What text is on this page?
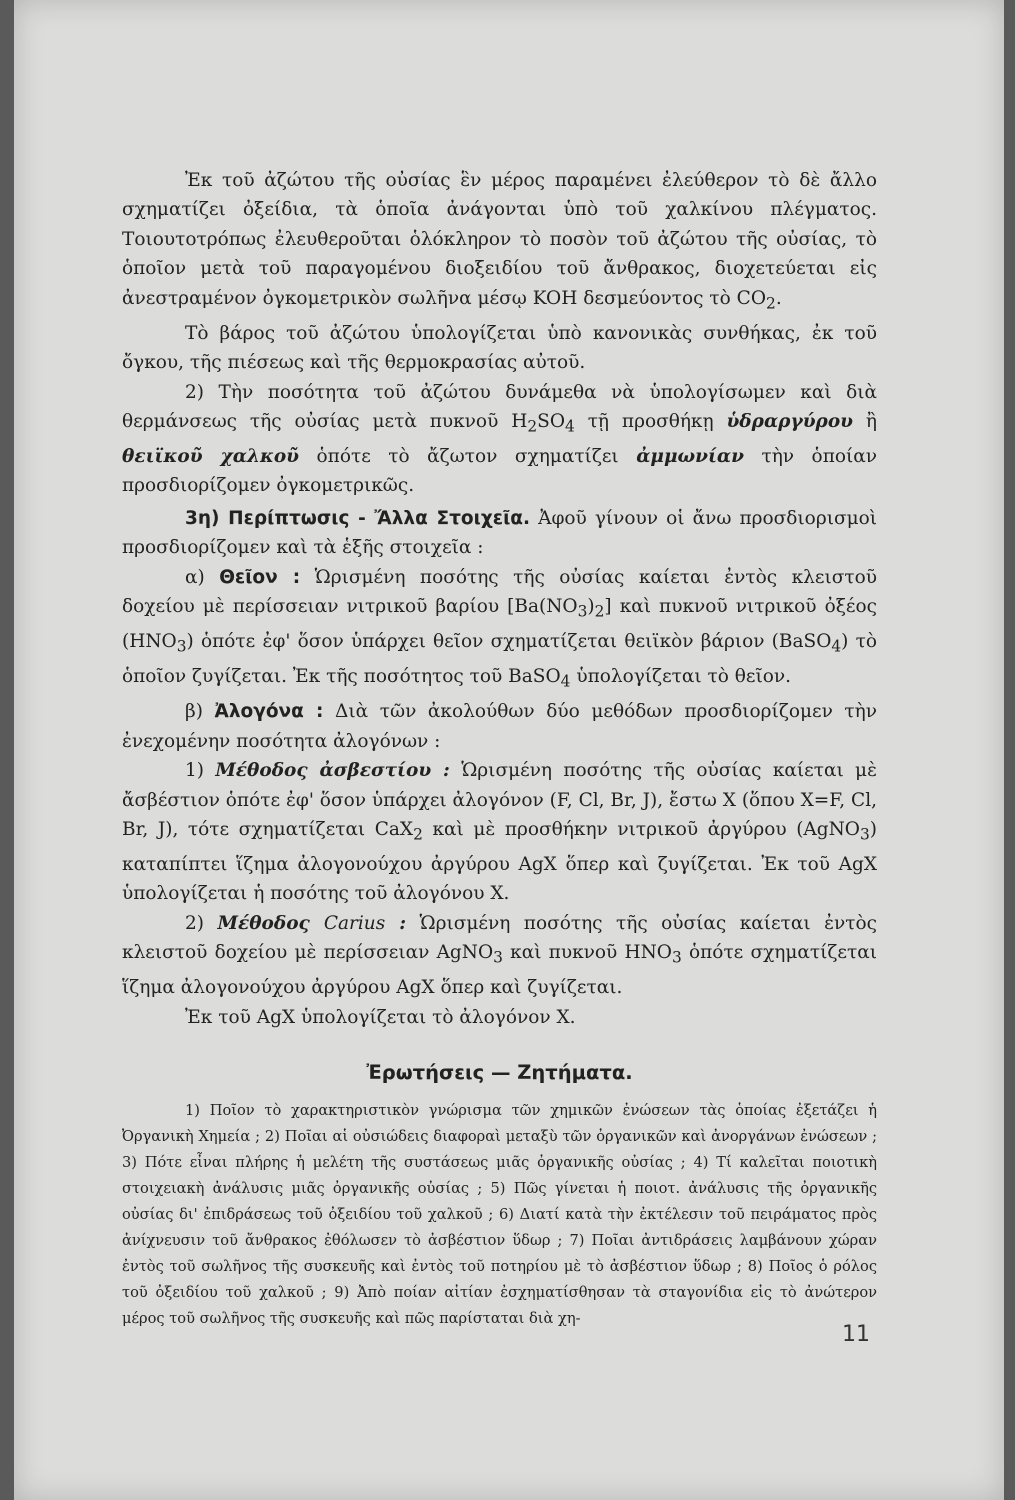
Ἐκ τοῦ ἀζώτου τῆς οὐσίας ἓν μέρος παραμένει ἐλεύθερον τὸ δὲ ἄλλο σχηματίζει ὀξείδια, τὰ ὁποῖα ἀνάγονται ὑπὸ τοῦ χαλκίνου πλέγματος. Τοιουτοτρόπως ἐλευθεροῦται ὁλόκληρον τὸ ποσὸν τοῦ ἀζώτου τῆς οὐσίας, τὸ ὁποῖον μετὰ τοῦ παραγομένου διοξειδίου τοῦ ἄνθρακος, διοχετεύεται εἰς ἀνεστραμένον ὀγκομετρικὸν σωλῆνα μέσῳ KOH δεσμεύοντος τὸ $CO_2$.

Τὸ βάρος τοῦ ἀζώτου ὑπολογίζεται ὑπὸ κανονικὰς συνθήκας, ἐκ τοῦ ὄγκου, τῆς πιέσεως καὶ τῆς θερμοκρασίας αὐτοῦ.

2) Τὴν ποσότητα τοῦ ἀζώτου δυνάμεθα νὰ ὑπολογίσωμεν καὶ διὰ θερμάνσεως τῆς οὐσίας μετὰ πυκνοῦ $H_2SO_4$ τῇ προσθήκῃ ὑδραργύρου ἢ θειϊκοῦ χαλκοῦ ὁπότε τὸ ἄζωτον σχηματίζει ἀμμωνίαν τὴν ὁποίαν προσδιορίζομεν ὀγκομετρικῶς.

3η) Περίπτωσις - Ἄλλα Στοιχεῖα. Ἀφοῦ γίνουν οἱ ἄνω προσδιορισμοὶ προσδιορίζομεν καὶ τὰ ἑξῆς στοιχεῖα :

α) Θεῖον : Ὡρισμένη ποσότης τῆς οὐσίας καίεται ἐντὸς κλειστοῦ δοχείου μὲ περίσσειαν νιτρικοῦ βαρίου $[Ba(NO_3)_2]$ καὶ πυκνοῦ νιτρικοῦ ὀξέος $(HNO_3)$ ὁπότε ἐφ' ὅσον ὑπάρχει θεῖον σχηματίζεται θειϊκὸν βάριον (BaSO$_4$) τὸ ὁποῖον ζυγίζεται. Ἐκ τῆς ποσότητος τοῦ BaSO$_4$ ὑπολογίζεται τὸ θεῖον.

β) Ἀλογόνα : Διὰ τῶν ἀκολούθων δύο μεθόδων προσδιορίζομεν τὴν ἐνεχομένην ποσότητα ἀλογόνων :

1) Μέθοδος ἀσβεστίου : Ὡρισμένη ποσότης τῆς οὐσίας καίεται μὲ ἄσβέστιον ὁπότε ἐφ' ὅσον ὑπάρχει ἀλογόνον (F, Cl, Br, J), ἔστω X (ὅπου X=F, Cl, Br, J), τότε σχηματίζεται CaX$_2$ καὶ μὲ προσθήκην νιτρικοῦ ἀργύρου (AgNO$_3$) καταπίπτει ἵζημα ἀλογονούχου ἀργύρου AgX ὅπερ καὶ ζυγίζεται. Ἐκ τοῦ AgX ὑπολογίζεται ἡ ποσότης τοῦ ἀλογόνου X.

2) Μέθοδος Carius : Ὡρισμένη ποσότης τῆς οὐσίας καίεται ἐντὸς κλειστοῦ δοχείου μὲ περίσσειαν AgNO$_3$ καὶ πυκνοῦ $HNO_3$ ὁπότε σχηματίζεται ἵζημα ἀλογονούχου ἀργύρου AgX ὅπερ καὶ ζυγίζεται.

Ἐκ τοῦ AgX ὑπολογίζεται τὸ ἀλογόνον X.

Ἐρωτήσεις — Ζητήματα.

1) Ποῖον τὸ χαρακτηριστικὸν γνώρισμα τῶν χημικῶν ἐνώσεων τὰς ὁποίας ἐξετάζει ἡ Ὀργανικὴ Χημεία ; 2) Ποῖαι αἱ οὐσιώδεις διαφοραὶ μεταξὺ τῶν ὀργανικῶν καὶ ἀνοργάνων ἐνώσεων ; 3) Πότε εἶναι πλήρης ἡ μελέτη τῆς συστάσεως μιᾶς ὀργανικῆς οὐσίας ; 4) Τί καλεῖται ποιοτικὴ στοιχειακὴ ἀνάλυσις μιᾶς ὀργανικῆς οὐσίας ; 5) Πῶς γίνεται ἡ ποιοτ. ἀνάλυσις τῆς ὀργανικῆς οὐσίας δι' ἐπιδράσεως τοῦ ὀξειδίου τοῦ χαλκοῦ ; 6) Διατί κατὰ τὴν ἐκτέλεσιν τοῦ πειράματος πρὸς ἀνίχνευσιν τοῦ ἄνθρακος ἐθόλωσεν τὸ ἀσβέστιον ὕδωρ ; 7) Ποῖαι ἀντιδράσεις λαμβάνουν χώραν ἐντὸς τοῦ σωλῆνος τῆς συσκευῆς καὶ ἐντὸς τοῦ ποτηρίου μὲ τὸ ἀσβέστιον ὕδωρ ; 8) Ποῖος ὁ ρόλος τοῦ ὀξειδίου τοῦ χαλκοῦ ; 9) Ἀπὸ ποίαν αἰτίαν ἐσχηματίσθησαν τὰ σταγονίδια εἰς τὸ ἀνώτερον μέρος τοῦ σωλῆνος τῆς συσκευῆς καὶ πῶς παρίσταται διὰ χη-

11
